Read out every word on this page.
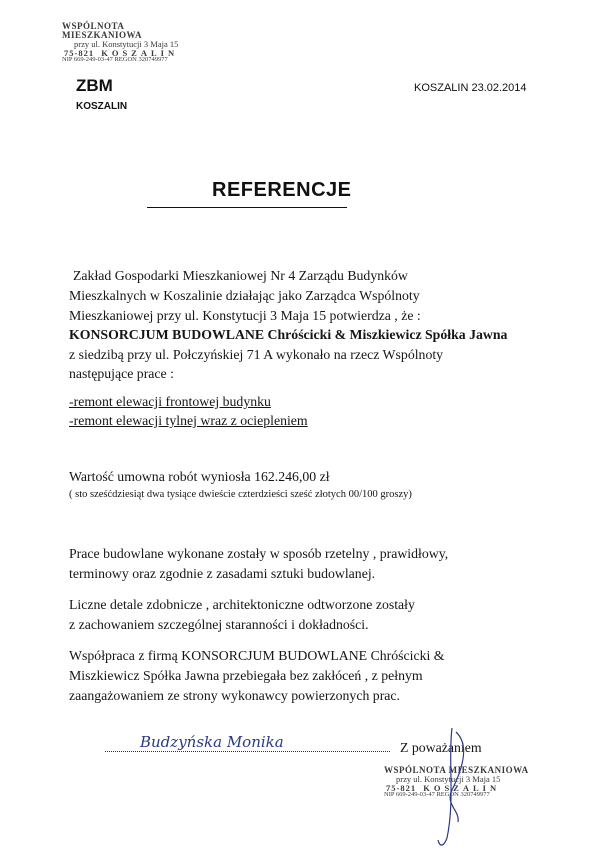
WSPÓLNOTA MIESZKANIOWA
przy ul. Konstytucji 3 Maja 15
75-821 KOSZALIN
NIP 669-249-03-47 REGON 320749977
ZBM
KOSZALIN
KOSZALIN 23.02.2014
REFERENCJE
Zakład Gospodarki Mieszkaniowej Nr 4 Zarządu Budynków
Mieszkalnych w Koszalinie działając jako Zarządca Wspólnoty
Mieszkaniowej przy ul. Konstytucji 3 Maja 15 potwierdza , że :
KONSORCJUM BUDOWLANE Chróścicki & Miszkiewicz Spółka Jawna
z siedzibą przy ul. Połczyńskiej 71 A wykonało na rzecz Wspólnoty
następujące prace :
-remont elewacji frontowej budynku
-remont elewacji tylnej wraz z ociepleniem
Wartość umowna robót wyniosła 162.246,00 zł
( sto sześćdziesiąt dwa tysiące dwieście czterdzieści sześć złotych 00/100 groszy)
Prace budowlane wykonane zostały w sposób rzetelny , prawidłowy,
terminowy oraz zgodnie z zasadami sztuki budowlanej.
Liczne detale zdobnicze , architektoniczne odtworzone zostały
z zachowaniem szczególnej staranności i dokładności.
Współpraca z firmą KONSORCJUM BUDOWLANE Chróścicki &
Miszkiewicz Spółka Jawna przebiegała bez zakłóceń , z pełnym
zaangażowaniem ze strony wykonawcy powierzonych prac.
Budzyńska Monika	Z poważaniem
WSPÓLNOTA MIESZKANIOWA
przy ul. Konstytucji 3 Maja 15
75-821 KOSZALIN
NIP 669-249-03-47 REGON 320749977
